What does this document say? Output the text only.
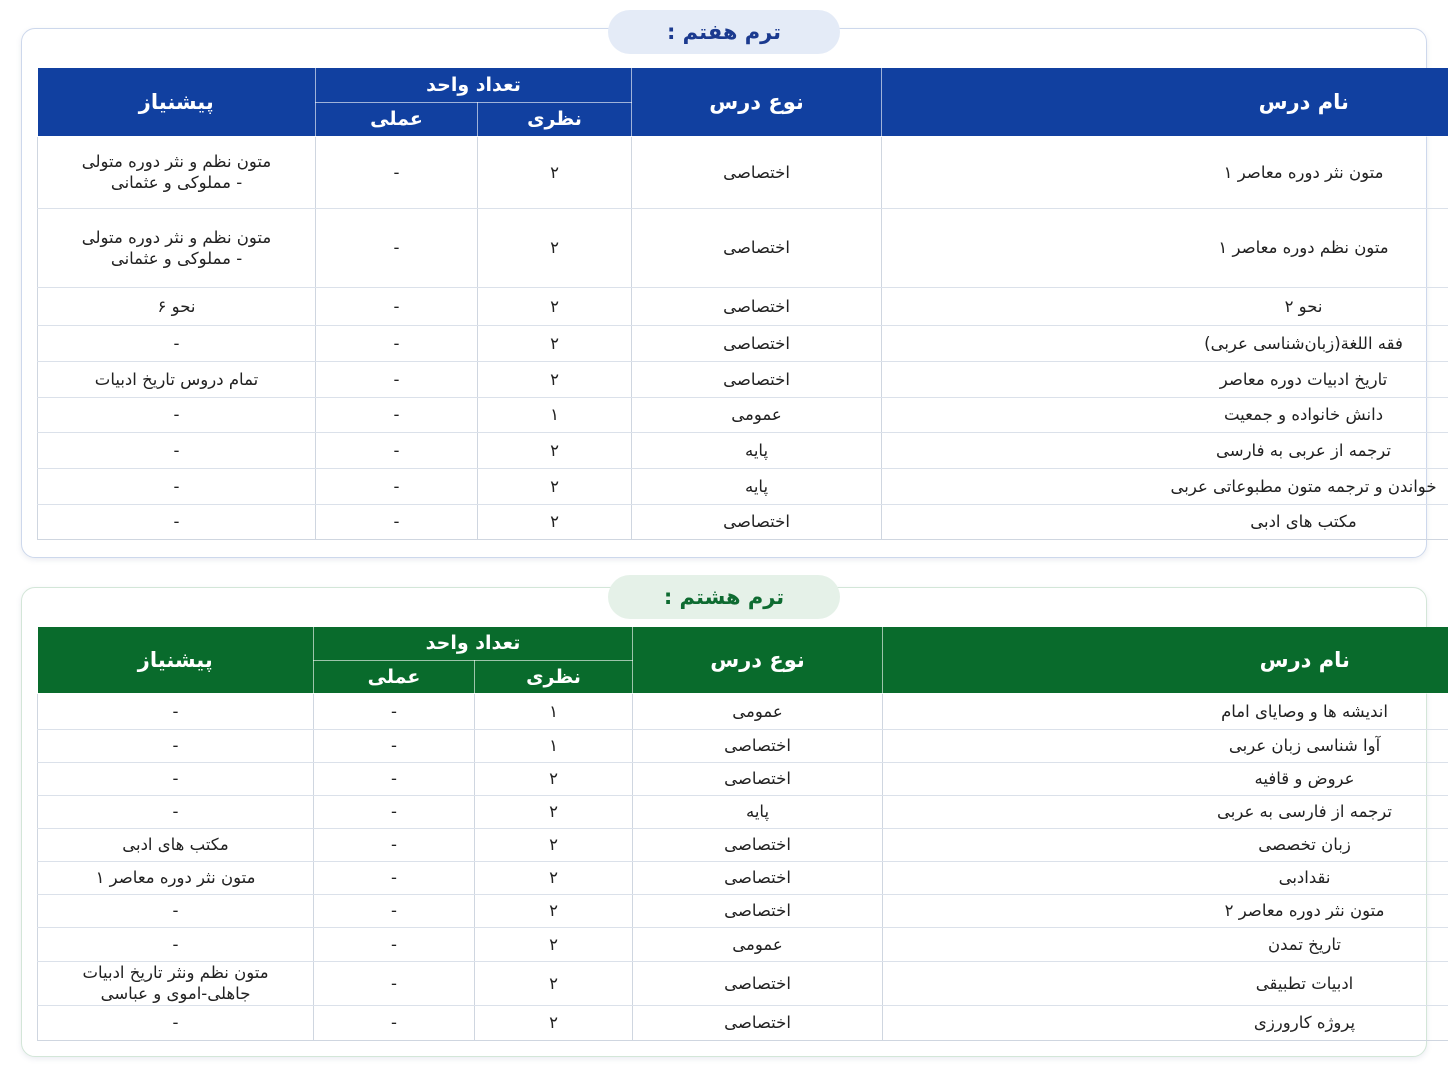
ترم هفتم :
نام درس	نوع درس	تعداد واحد		پیشنیاز
		نظری	عملی	
متون نثر دوره معاصر ۱	اختصاصی	۲	-	متون نظم و نثر دوره متولی - مملوکی و عثمانی
متون نظم دوره معاصر ۱	اختصاصی	۲	-	متون نظم و نثر دوره متولی - مملوکی و عثمانی
نحو ۲	اختصاصی	۲	-	نحو ۶
فقه اللغة(زبان‌شناسی عربی)	اختصاصی	۲	-	-
تاریخ ادبیات دوره معاصر	اختصاصی	۲	-	تمام دروس تاریخ ادبیات
دانش خانواده و جمعیت	عمومی	۱	-	-
ترجمه از عربی به فارسی	پایه	۲	-	-
خواندن و ترجمه متون مطبوعاتی عربی	پایه	۲	-	-
مکتب های ادبی	اختصاصی	۲	-	-
ترم هشتم :
نام درس	نوع درس	تعداد واحد		پیشنیاز
		نظری	عملی	
اندیشه ها و وصایای امام	عمومی	۱	-	-
آوا شناسی زبان عربی	اختصاصی	۱	-	-
عروض و قافیه	اختصاصی	۲	-	-
ترجمه از فارسی به عربی	پایه	۲	-	-
زبان تخصصی	اختصاصی	۲	-	مکتب های ادبی
نقدادبی	اختصاصی	۲	-	متون نثر دوره معاصر ۱
متون نثر دوره معاصر ۲	اختصاصی	۲	-	-
تاریخ تمدن	عمومی	۲	-	-
ادبیات تطبیقی	اختصاصی	۲	-	متون نظم ونثر تاریخ ادبیات جاهلی-اموی و عباسی
پروژه کارورزی	اختصاصی	۲	-	-
